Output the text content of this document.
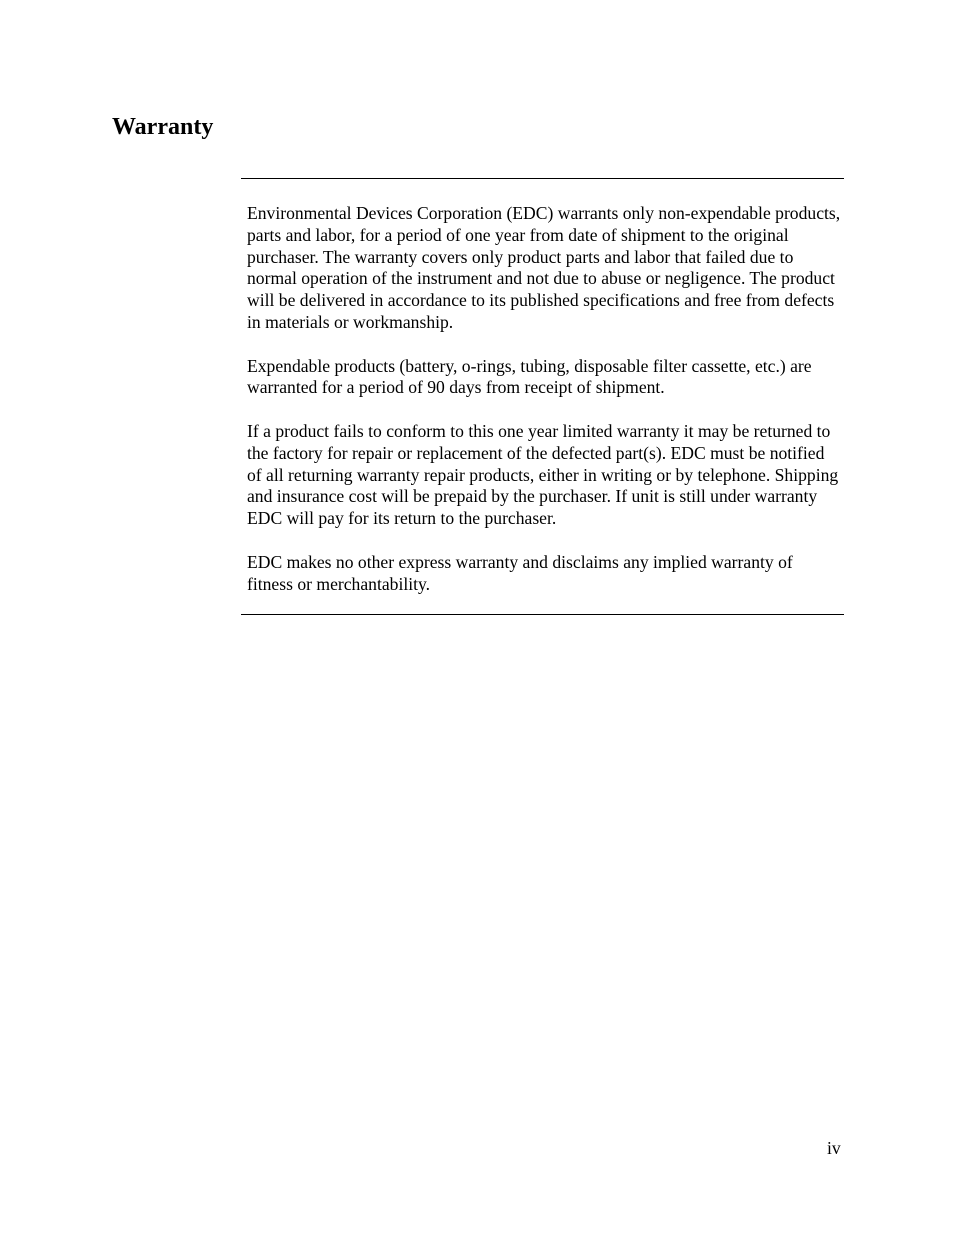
Warranty

Environmental Devices Corporation (EDC) warrants only non-expendable products, parts and labor, for a period of one year from date of shipment to the original purchaser. The warranty covers only product parts and labor that failed due to normal operation of the instrument and not due to abuse or negligence. The product will be delivered in accordance to its published specifications and free from defects in materials or workmanship.

Expendable products (battery, o-rings, tubing, disposable filter cassette, etc.) are warranted for a period of 90 days from receipt of shipment.

If a product fails to conform to this one year limited warranty it may be returned to the factory for repair or replacement of the defected part(s). EDC must be notified of all returning warranty repair products, either in writing or by telephone. Shipping and insurance cost will be prepaid by the purchaser. If unit is still under warranty EDC will pay for its return to the purchaser.

EDC makes no other express warranty and disclaims any implied warranty of fitness or merchantability.

iv
